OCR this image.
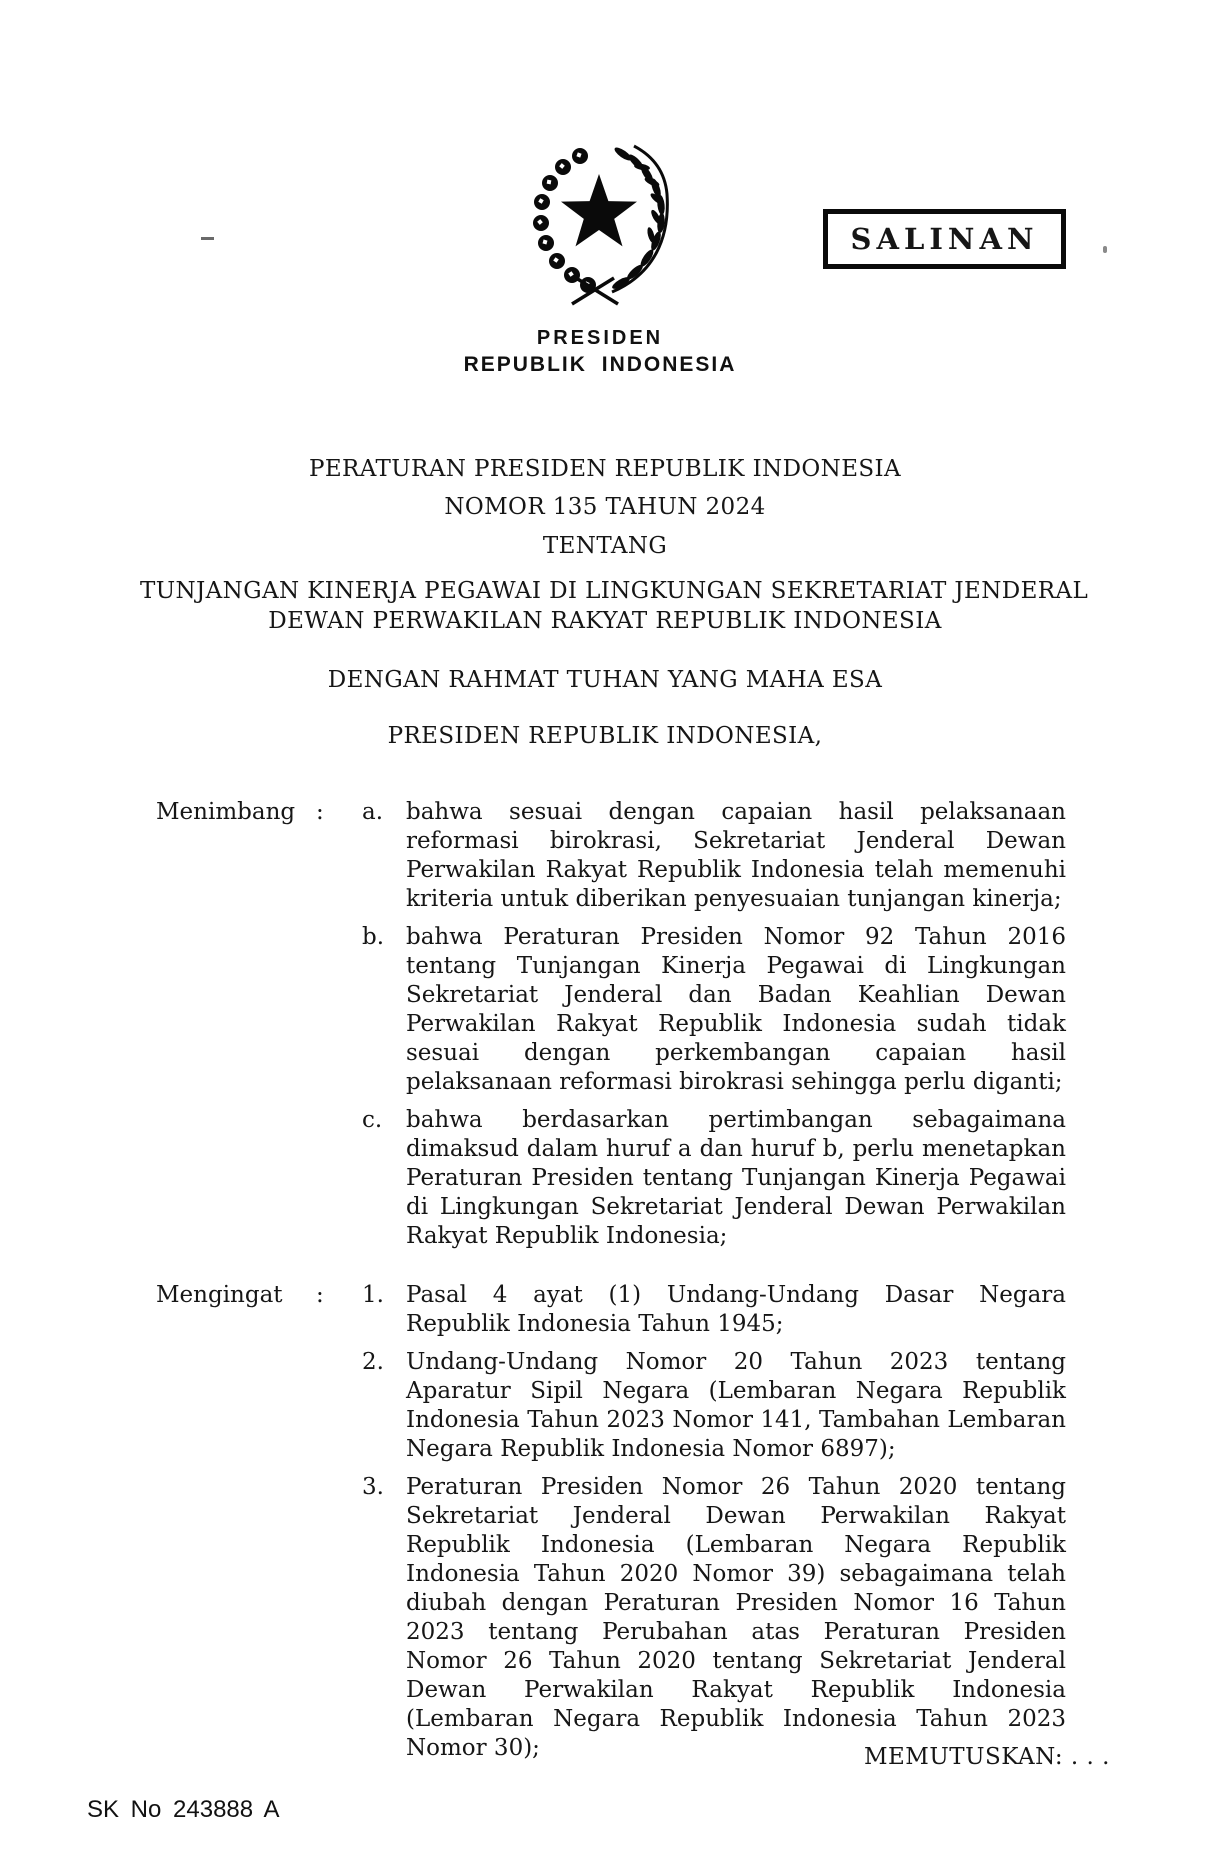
SALINAN
PRESIDEN
REPUBLIK INDONESIA
PERATURAN PRESIDEN REPUBLIK INDONESIA
NOMOR 135 TAHUN 2024
TENTANG
TUNJANGAN KINERJA PEGAWAI DI LINGKUNGAN SEKRETARIAT JENDERAL
DEWAN PERWAKILAN RAKYAT REPUBLIK INDONESIA
DENGAN RAHMAT TUHAN YANG MAHA ESA
PRESIDEN REPUBLIK INDONESIA,
Menimbang :	a. bahwa sesuai dengan capaian hasil pelaksanaan reformasi birokrasi, Sekretariat Jenderal Dewan Perwakilan Rakyat Republik Indonesia telah memenuhi kriteria untuk diberikan penyesuaian tunjangan kinerja;
b. bahwa Peraturan Presiden Nomor 92 Tahun 2016 tentang Tunjangan Kinerja Pegawai di Lingkungan Sekretariat Jenderal dan Badan Keahlian Dewan Perwakilan Rakyat Republik Indonesia sudah tidak sesuai dengan perkembangan capaian hasil pelaksanaan reformasi birokrasi sehingga perlu diganti;
c.	bahwa berdasarkan pertimbangan sebagaimana dimaksud dalam huruf a dan huruf b, perlu menetapkan Peraturan Presiden tentang Tunjangan Kinerja Pegawai di Lingkungan Sekretariat Jenderal Dewan Perwakilan Rakyat Republik Indonesia;
Mengingat	:	1. Pasal 4 ayat (1) Undang-Undang Dasar Negara Republik Indonesia Tahun 1945;
2. Undang-Undang Nomor 20 Tahun 2023 tentang Aparatur Sipil Negara (Lembaran Negara Republik Indonesia Tahun 2023 Nomor 141, Tambahan Lembaran Negara Republik Indonesia Nomor 6897);
3. Peraturan Presiden Nomor 26 Tahun 2020 tentang Sekretariat Jenderal Dewan Perwakilan Rakyat Republik Indonesia (Lembaran Negara Republik Indonesia Tahun 2020 Nomor 39) sebagaimana telah diubah dengan Peraturan Presiden Nomor 16 Tahun 2023 tentang Perubahan atas Peraturan Presiden Nomor 26 Tahun 2020 tentang Sekretariat Jenderal Dewan Perwakilan Rakyat Republik Indonesia (Lembaran Negara Republik Indonesia Tahun 2023 Nomor 30);	MEMUTUSKAN: . . .
SK No 243888 A
